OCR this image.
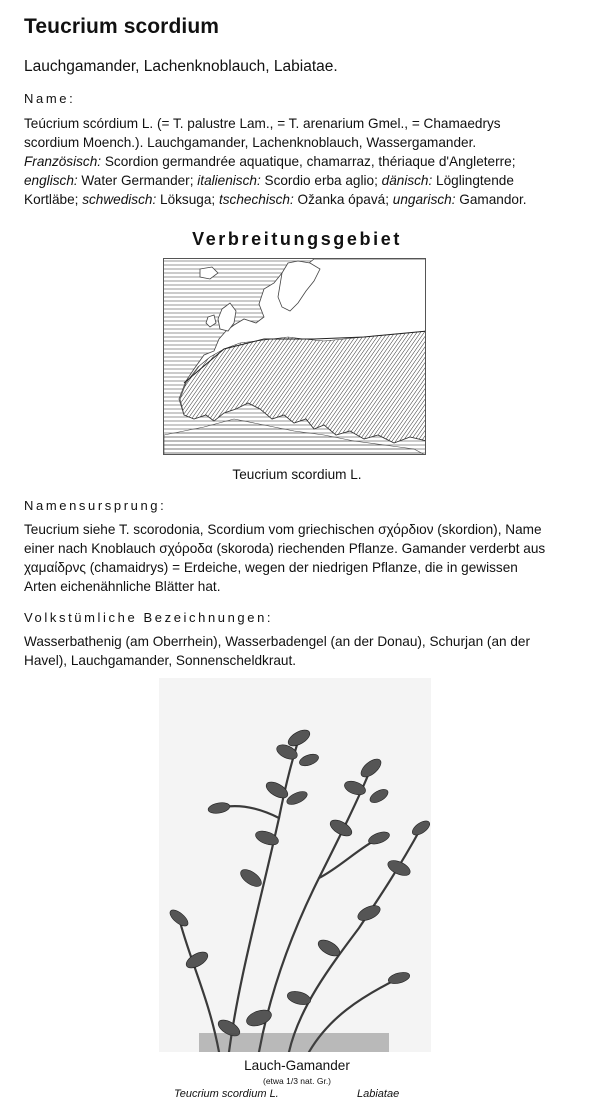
Teucrium scordium
Lauchgamander, Lachenknoblauch, Labiatae.
Name:
Teúcrium scórdium L. (= T. palustre Lam., = T. arenarium Gmel., = Chamaedrys
scordium Moench.). Lauchgamander, Lachenknoblauch, Wassergamander.
Französisch: Scordion germandrée aquatique, chamarraz, thériaque d'Angleterre;
englisch: Water Germander; italienisch: Scordio erba aglio; dänisch: Löglingtende
Kortläbe; schwedisch: Löksuga; tschechisch: Ožanka ópavá; ungarisch: Gamandor.
Verbreitungsgebiet
Teucrium scordium L.
Namensursprung:
Teucrium siehe T. scorodonia, Scordium vom griechischen σχόρδιον (skordion), Name
einer nach Knoblauch σχόροδα (skoroda) riechenden Pflanze. Gamander verderbt aus
χαμαίδρνς (chamaidrys) = Erdeiche, wegen der niedrigen Pflanze, die in gewissen
Arten eichenähnliche Blätter hat.
Volkstümliche Bezeichnungen:
Wasserbathenig (am Oberrhein), Wasserbadengel (an der Donau), Schurjan (an der
Havel), Lauchgamander, Sonnenscheldkraut.
Lauch-Gamander
(etwa 1/3 nat. Gr.)
Teucrium scordium L.	Labiatae
